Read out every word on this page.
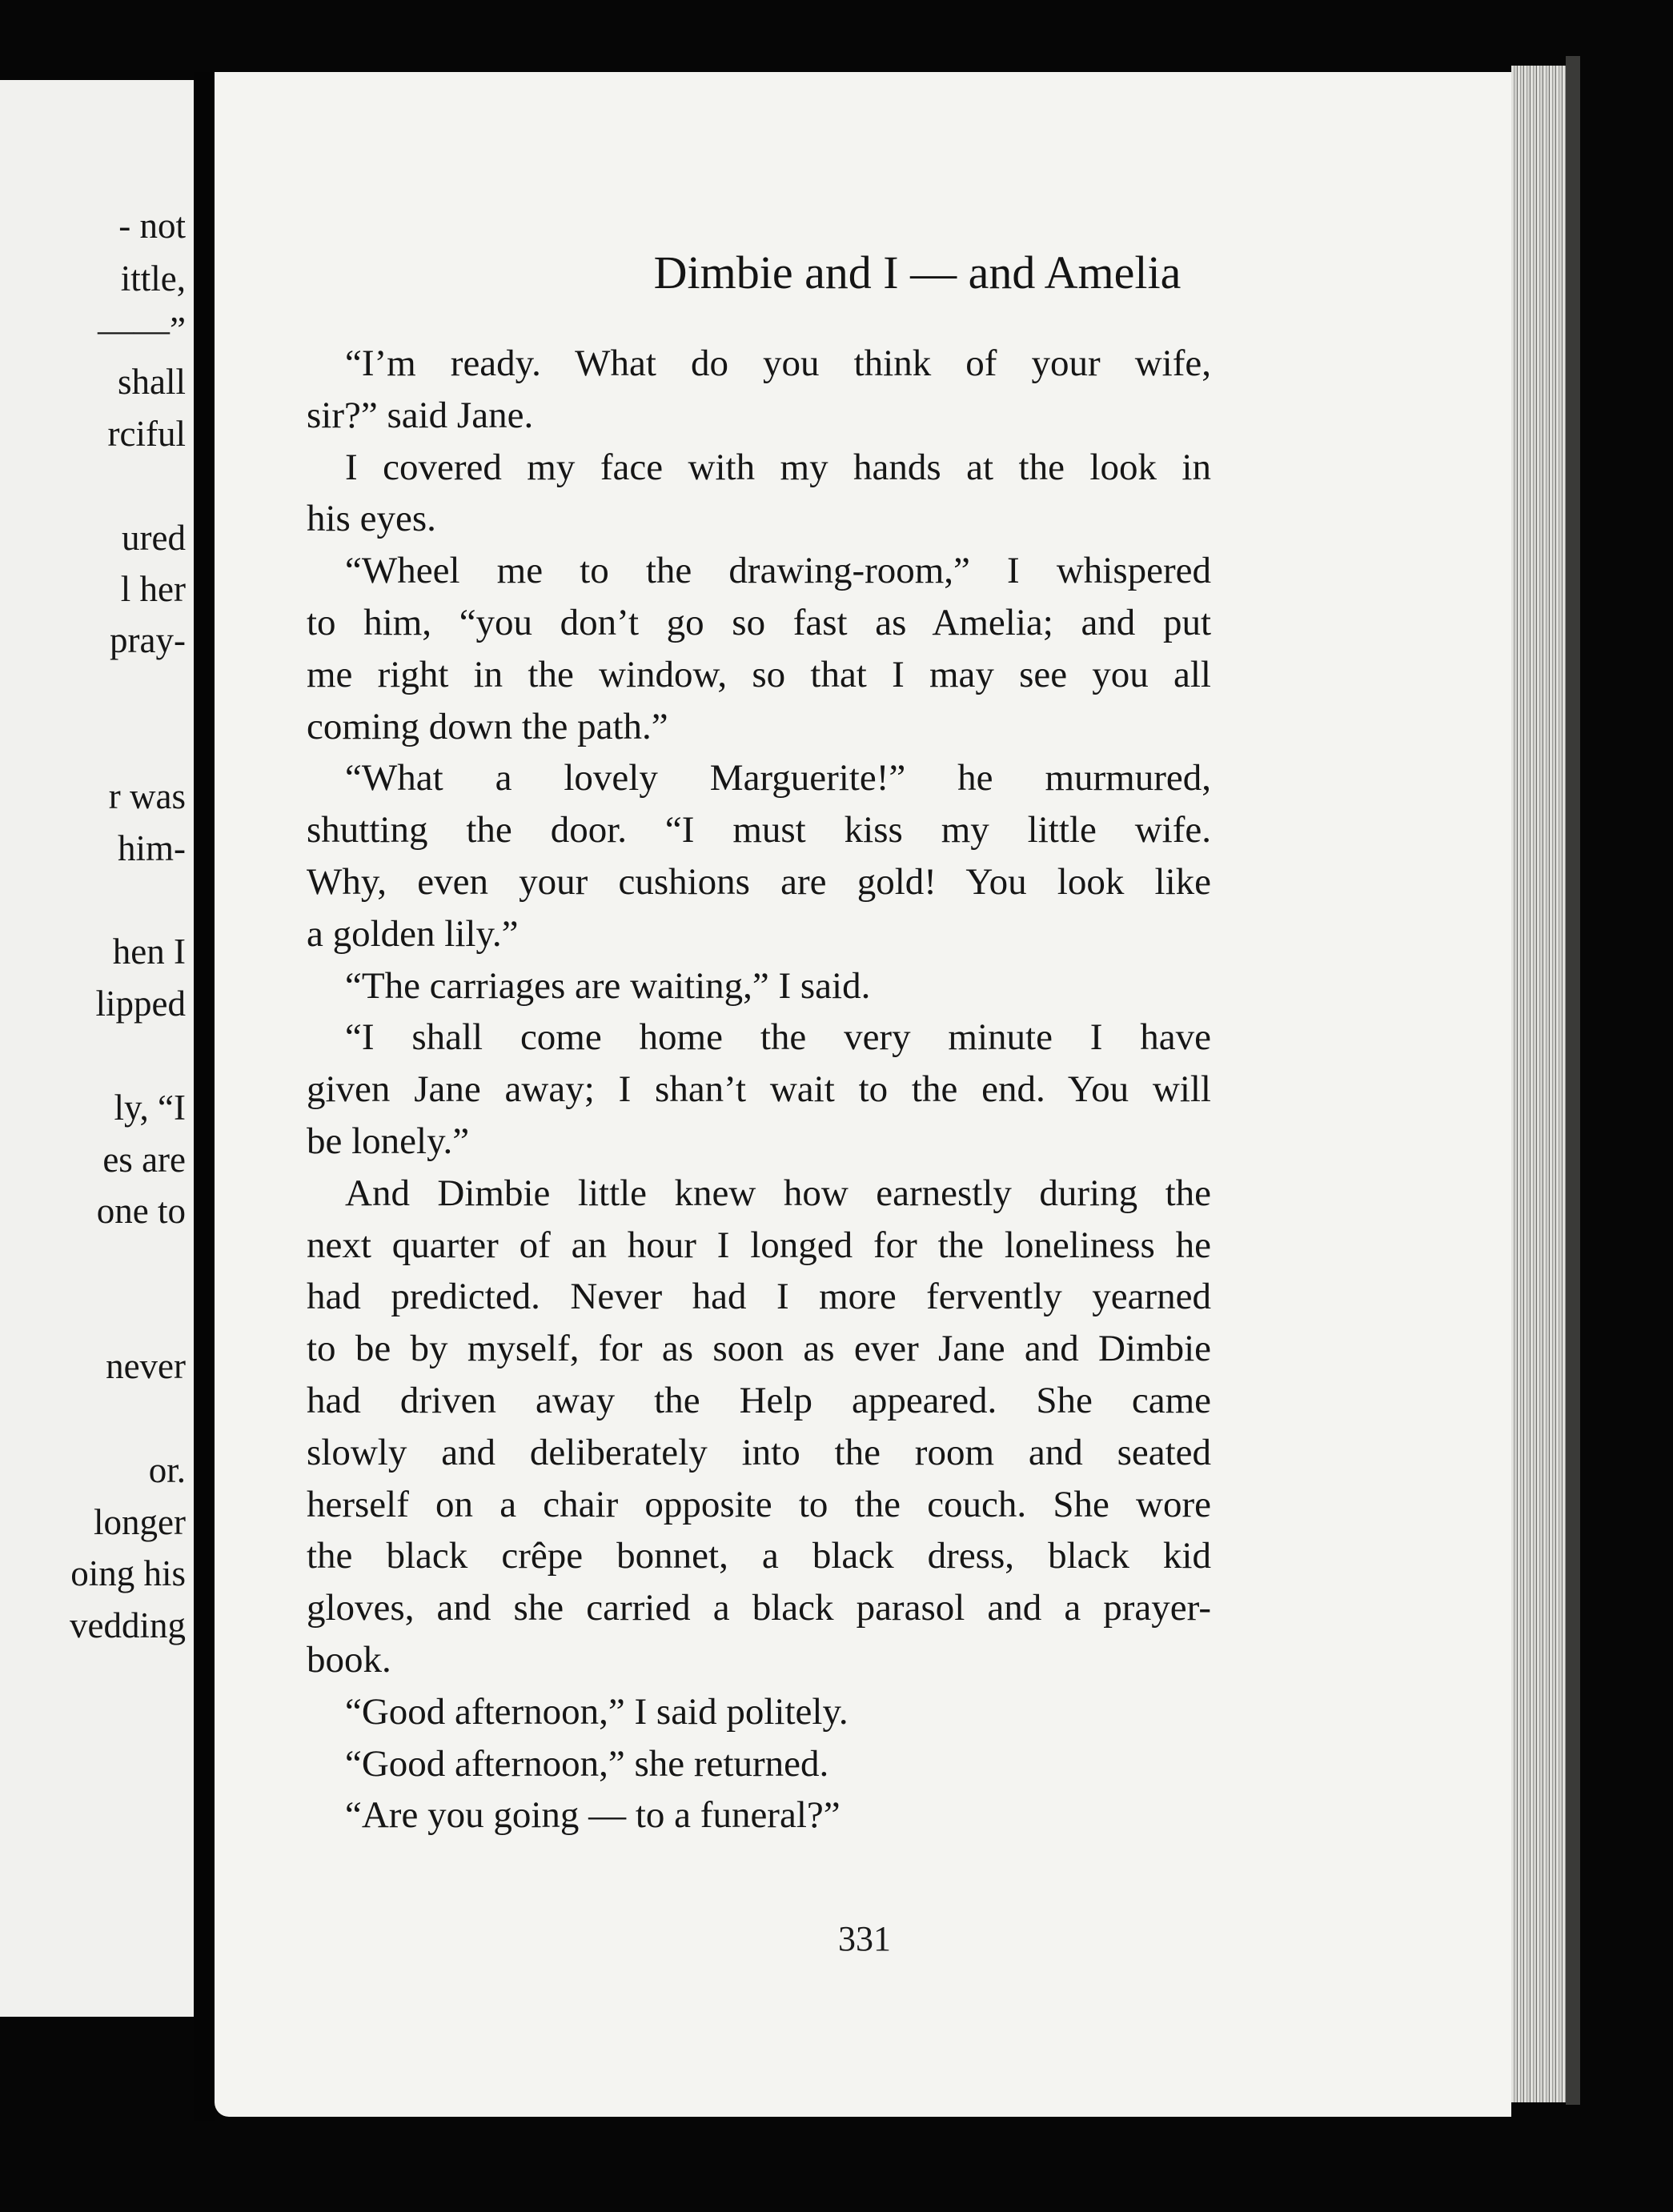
- not
ittle,
——”
shall
rciful
ured
l her
pray-
r was
him-
hen I
lipped
ly, “I
es are
one to
never
or.
longer
oing his
vedding
Dimbie and I — and Amelia
“I’m ready. What do you think of your wife,
sir?” said Jane.
I covered my face with my hands at the look in
his eyes.
“Wheel me to the drawing-room,” I whispered
to him, “you don’t go so fast as Amelia; and put
me right in the window, so that I may see you all
coming down the path.”
“What a lovely Marguerite!” he murmured,
shutting the door. “I must kiss my little wife.
Why, even your cushions are gold! You look like
a golden lily.”
“The carriages are waiting,” I said.
“I shall come home the very minute I have
given Jane away; I shan’t wait to the end. You will
be lonely.”
And Dimbie little knew how earnestly during the
next quarter of an hour I longed for the loneliness he
had predicted. Never had I more fervently yearned
to be by myself, for as soon as ever Jane and Dimbie
had driven away the Help appeared. She came
slowly and deliberately into the room and seated
herself on a chair opposite to the couch. She wore
the black crêpe bonnet, a black dress, black kid
gloves, and she carried a black parasol and a prayer-
book.
“Good afternoon,” I said politely.
“Good afternoon,” she returned.
“Are you going — to a funeral?”
331
